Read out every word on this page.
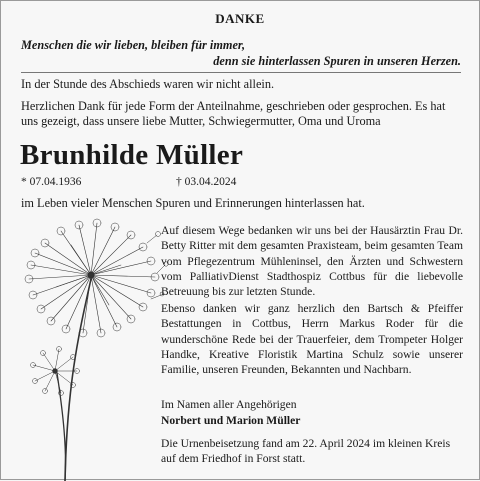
DANKE
Menschen die wir lieben, bleiben für immer,
denn sie hinterlassen Spuren in unseren Herzen.
In der Stunde des Abschieds waren wir nicht allein.
Herzlichen Dank für jede Form der Anteilnahme, geschrieben oder gesprochen. Es hat uns gezeigt, dass unsere liebe Mutter, Schwiegermutter, Oma und Uroma
Brunhilde Müller
* 07.04.1936	† 03.04.2024
im Leben vieler Menschen Spuren und Erinnerungen hinterlassen hat.
Auf diesem Wege bedanken wir uns bei der Hausärztin Frau Dr. Betty Ritter mit dem gesamten Praxisteam, beim gesamten Team vom Pflegezentrum Mühleninsel, den Ärzten und Schwestern vom PalliativDienst Stadthospiz Cottbus für die liebevolle Betreuung bis zur letzten Stunde.
Ebenso danken wir ganz herzlich den Bartsch & Pfeiffer Bestattungen in Cottbus, Herrn Markus Roder für die wunderschöne Rede bei der Trauerfeier, dem Trompeter Holger Handke, Kreative Floristik Martina Schulz sowie unserer Familie, unseren Freunden, Bekannten und Nachbarn.
Im Namen aller Angehörigen
Norbert und Marion Müller
Die Urnenbeisetzung fand am 22. April 2024 im kleinen Kreis auf dem Friedhof in Forst statt.
